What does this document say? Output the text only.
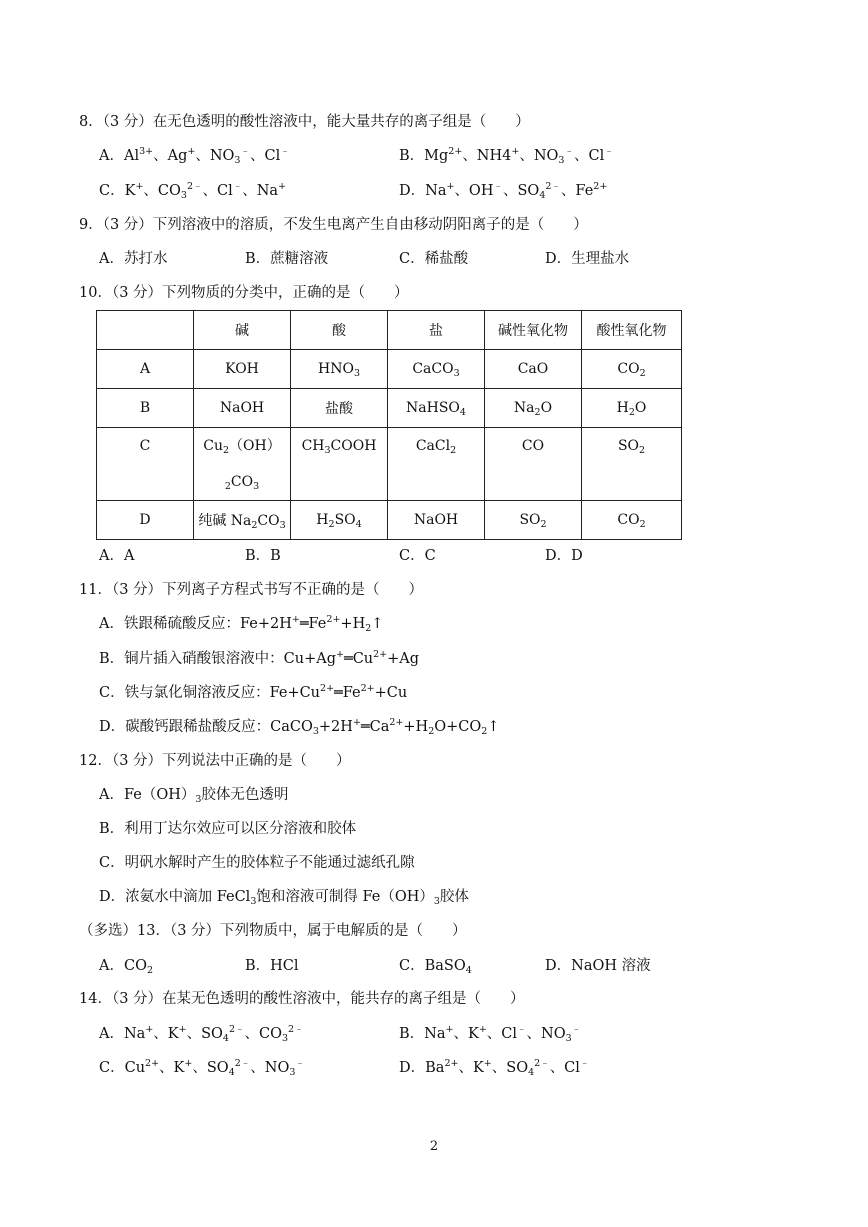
8．（3 分）在无色透明的酸性溶液中，能大量共存的离子组是（　　）
A．$Al^{3+}$、Ag+、$NO_3^﹣$、Cl﹣	B．$Mg^{2+}$、NH4+、$NO_3^﹣$、Cl﹣
C．K+、$CO_3^{2﹣}$、Cl﹣、Na+	D．Na+、OH﹣、$SO_4^{2﹣}$、$Fe^{2+}$
9．（3 分）下列溶液中的溶质，不发生电离产生自由移动阴阳离子的是（　　）
A．苏打水	B．蔗糖溶液	C．稀盐酸	D．生理盐水
10．（3 分）下列物质的分类中，正确的是（　　）
	碱	酸	盐	碱性氧化物	酸性氧化物
A	KOH	$HNO_3$	CaCO$_3$	CaO	$CO_2$
B	NaOH	盐酸	NaHSO$_4$	$Na_2O$	$H_2O$
C	$Cu_2(OH)$
$_2CO_3$	$CH_3COOH$	CaCl$_2$	CO	$SO_2$
D	纯碱 $Na_2CO_3$	$H_2SO_4$	NaOH	$SO_2$	$CO_2$
A．A	B．B	C．C	D．D
11．（3 分）下列离子方程式书写不正确的是（　　）
A．铁跟稀硫酸反应：$Fe+2H^+═Fe^{2+}+H_2↑$
B．铜片插入硝酸银溶液中：$Cu+Ag^+═Cu^{2+}+Ag$
C．铁与氯化铜溶液反应：$Fe+Cu^{2+}═Fe^{2+}+Cu$
D．碳酸钙跟稀盐酸反应：$CaCO_3+2H^+═Ca^{2+}+H_2O+CO_2↑$
12．（3 分）下列说法中正确的是（　　）
A．$Fe(OH)_3$胶体无色透明
B．利用丁达尔效应可以区分溶液和胶体
C．明矾水解时产生的胶体粒子不能通过滤纸孔隙
D．浓氨水中滴加 FeCl$_3$饱和溶液可制得 $Fe(OH)_3$胶体
（多选）13．（3 分）下列物质中，属于电解质的是（　　）
A．$CO_2$	B．HCl	C．BaSO$_4$	D．NaOH 溶液
14．（3 分）在某无色透明的酸性溶液中，能共存的离子组是（　　）
A．Na+、K+、$SO_4^{2﹣}$、$CO_3^{2﹣}$	B．Na+、K+、Cl﹣、$NO_3^﹣$
C．$Cu^{2+}$、K+、$SO_4^{2﹣}$、$NO_3^﹣$	D．$Ba^{2+}$、K+、$SO_4^{2﹣}$、Cl﹣
2
